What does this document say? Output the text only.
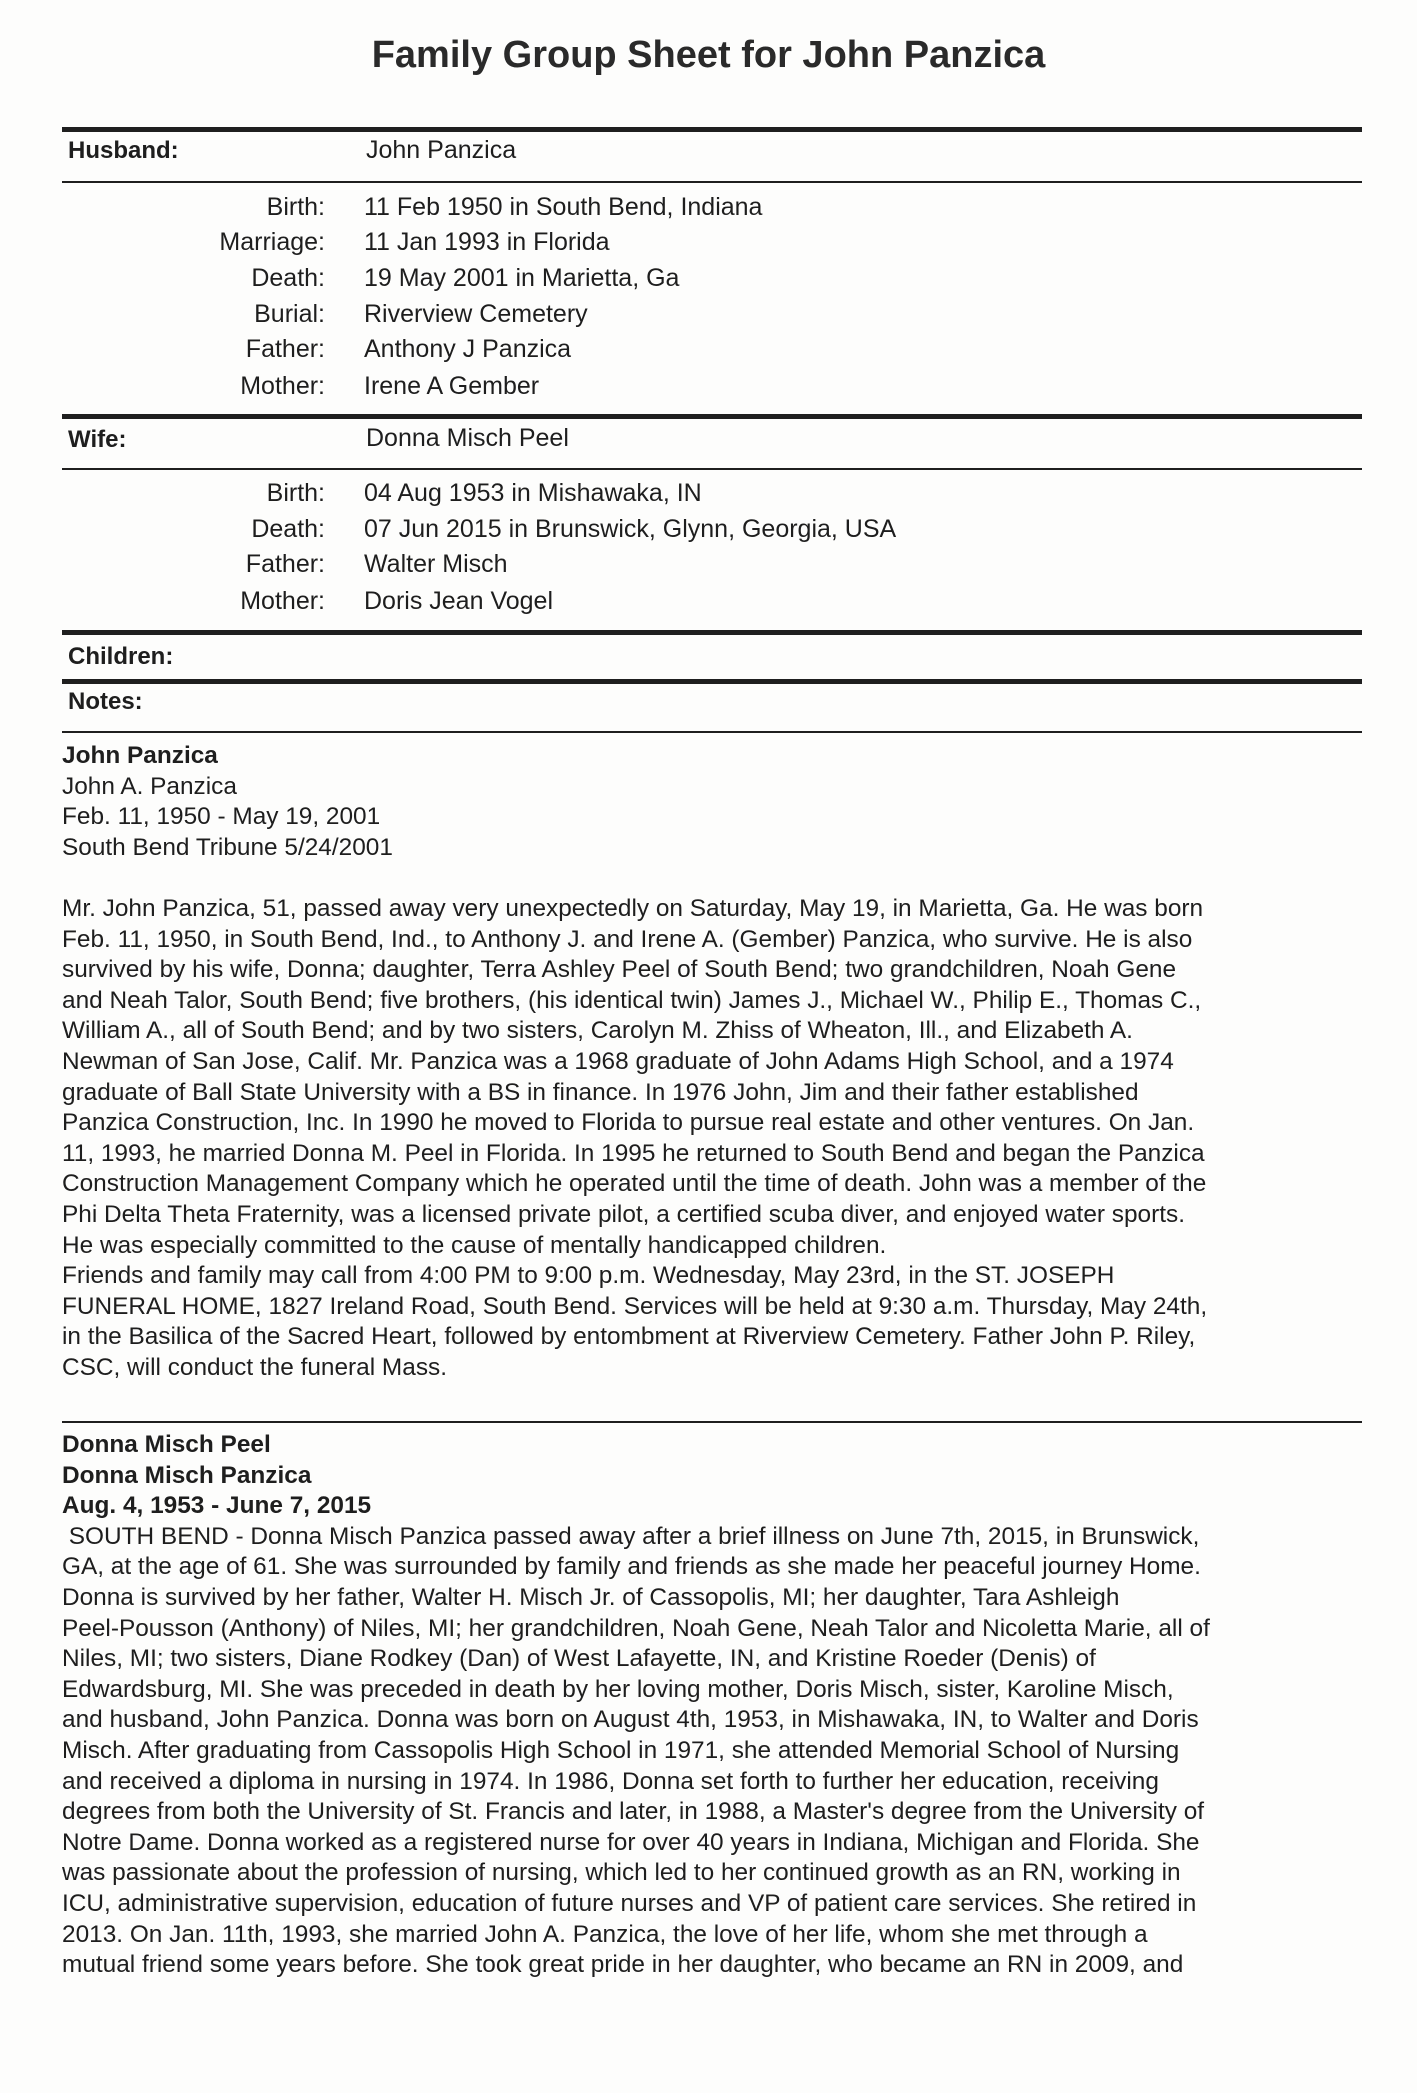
Family Group Sheet for John Panzica
Husband:	John Panzica
Birth: 11 Feb 1950 in South Bend, Indiana
Marriage: 11 Jan 1993 in Florida
Death: 19 May 2001 in Marietta, Ga
Burial: Riverview Cemetery
Father: Anthony J Panzica
Mother: Irene A Gember
Wife:	Donna Misch Peel
Birth: 04 Aug 1953 in Mishawaka, IN
Death: 07 Jun 2015 in Brunswick, Glynn, Georgia, USA
Father: Walter Misch
Mother: Doris Jean Vogel
Children:
Notes:
John Panzica
John A. Panzica
Feb. 11, 1950 - May 19, 2001
South Bend Tribune 5/24/2001
Mr. John Panzica, 51, passed away very unexpectedly on Saturday, May 19, in Marietta, Ga. He was born
Feb. 11, 1950, in South Bend, Ind., to Anthony J. and Irene A. (Gember) Panzica, who survive. He is also
survived by his wife, Donna; daughter, Terra Ashley Peel of South Bend; two grandchildren, Noah Gene
and Neah Talor, South Bend; five brothers, (his identical twin) James J., Michael W., Philip E., Thomas C.,
William A., all of South Bend; and by two sisters, Carolyn M. Zhiss of Wheaton, Ill., and Elizabeth A.
Newman of San Jose, Calif. Mr. Panzica was a 1968 graduate of John Adams High School, and a 1974
graduate of Ball State University with a BS in finance. In 1976 John, Jim and their father established
Panzica Construction, Inc. In 1990 he moved to Florida to pursue real estate and other ventures. On Jan.
11, 1993, he married Donna M. Peel in Florida. In 1995 he returned to South Bend and began the Panzica
Construction Management Company which he operated until the time of death. John was a member of the
Phi Delta Theta Fraternity, was a licensed private pilot, a certified scuba diver, and enjoyed water sports.
He was especially committed to the cause of mentally handicapped children.
Friends and family may call from 4:00 PM to 9:00 p.m. Wednesday, May 23rd, in the ST. JOSEPH
FUNERAL HOME, 1827 Ireland Road, South Bend. Services will be held at 9:30 a.m. Thursday, May 24th,
in the Basilica of the Sacred Heart, followed by entombment at Riverview Cemetery. Father John P. Riley,
CSC, will conduct the funeral Mass.
Donna Misch Peel
Donna Misch Panzica
Aug. 4, 1953 - June 7, 2015
SOUTH BEND - Donna Misch Panzica passed away after a brief illness on June 7th, 2015, in Brunswick,
GA, at the age of 61. She was surrounded by family and friends as she made her peaceful journey Home.
Donna is survived by her father, Walter H. Misch Jr. of Cassopolis, MI; her daughter, Tara Ashleigh
Peel-Pousson (Anthony) of Niles, MI; her grandchildren, Noah Gene, Neah Talor and Nicoletta Marie, all of
Niles, MI; two sisters, Diane Rodkey (Dan) of West Lafayette, IN, and Kristine Roeder (Denis) of
Edwardsburg, MI. She was preceded in death by her loving mother, Doris Misch, sister, Karoline Misch,
and husband, John Panzica. Donna was born on August 4th, 1953, in Mishawaka, IN, to Walter and Doris
Misch. After graduating from Cassopolis High School in 1971, she attended Memorial School of Nursing
and received a diploma in nursing in 1974. In 1986, Donna set forth to further her education, receiving
degrees from both the University of St. Francis and later, in 1988, a Master's degree from the University of
Notre Dame. Donna worked as a registered nurse for over 40 years in Indiana, Michigan and Florida. She
was passionate about the profession of nursing, which led to her continued growth as an RN, working in
ICU, administrative supervision, education of future nurses and VP of patient care services. She retired in
2013. On Jan. 11th, 1993, she married John A. Panzica, the love of her life, whom she met through a
mutual friend some years before. She took great pride in her daughter, who became an RN in 2009, and
